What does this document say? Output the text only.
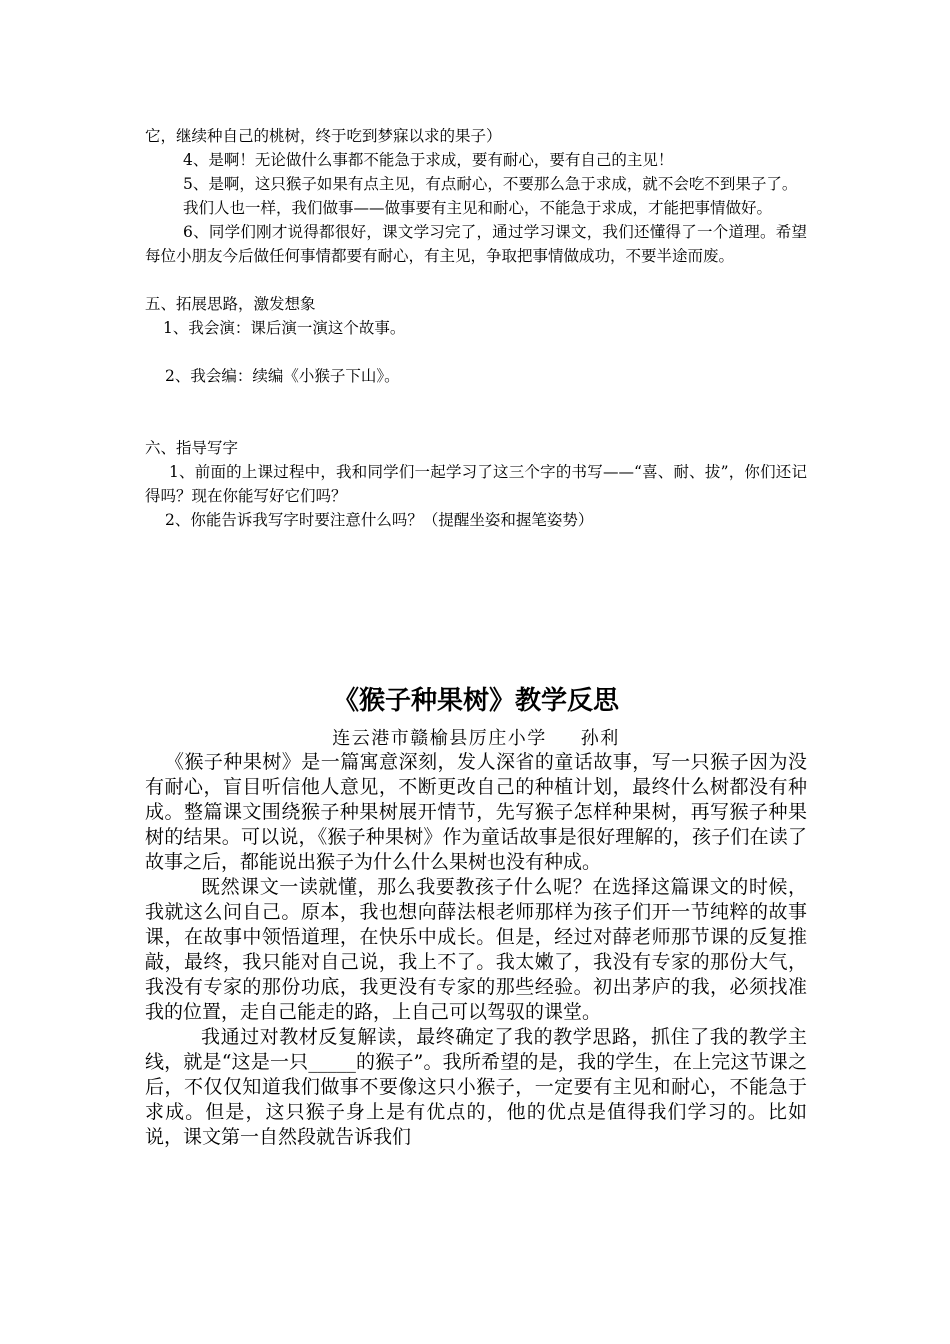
它，继续种自己的桃树，终于吃到梦寐以求的果子）

4、是啊！无论做什么事都不能急于求成，要有耐心，要有自己的主见！

5、是啊，这只猴子如果有点主见，有点耐心，不要那么急于求成，就不会吃不到果子了。

我们人也一样，我们做事——做事要有主见和耐心，不能急于求成，才能把事情做好。

6、同学们刚才说得都很好，课文学习完了，通过学习课文，我们还懂得了一个道理。希望每位小朋友今后做任何事情都要有耐心，有主见，争取把事情做成功，不要半途而废。

五、拓展思路，激发想象

1、我会演：课后演一演这个故事。

2、我会编：续编《小猴子下山》。

六、指导写字

1、前面的上课过程中，我和同学们一起学习了这三个字的书写——“喜、耐、拔”，你们还记得吗？现在你能写好它们吗？

2、你能告诉我写字时要注意什么吗？（提醒坐姿和握笔姿势）

《猴子种果树》教学反思
连云港市赣榆县厉庄小学 孙利

《猴子种果树》是一篇寓意深刻，发人深省的童话故事，写一只猴子因为没有耐心，盲目听信他人意见，不断更改自己的种植计划，最终什么树都没有种成。整篇课文围绕猴子种果树展开情节，先写猴子怎样种果树，再写猴子种果树的结果。可以说，《猴子种果树》作为童话故事是很好理解的，孩子们在读了故事之后，都能说出猴子为什么什么果树也没有种成。

既然课文一读就懂，那么我要教孩子什么呢？在选择这篇课文的时候，我就这么问自己。原本，我也想向薛法根老师那样为孩子们开一节纯粹的故事课，在故事中领悟道理，在快乐中成长。但是，经过对薛老师那节课的反复推敲，最终，我只能对自己说，我上不了。我太嫩了，我没有专家的那份大气，我没有专家的那份功底，我更没有专家的那些经验。初出茅庐的我，必须找准我的位置，走自己能走的路，上自己可以驾驭的课堂。

我通过对教材反复解读，最终确定了我的教学思路，抓住了我的教学主线，就是“这是一只_____的猴子”。我所希望的是，我的学生，在上完这节课之后，不仅仅知道我们做事不要像这只小猴子，一定要有主见和耐心，不能急于求成。但是，这只猴子身上是有优点的，他的优点是值得我们学习的。比如说，课文第一自然段就告诉我们
